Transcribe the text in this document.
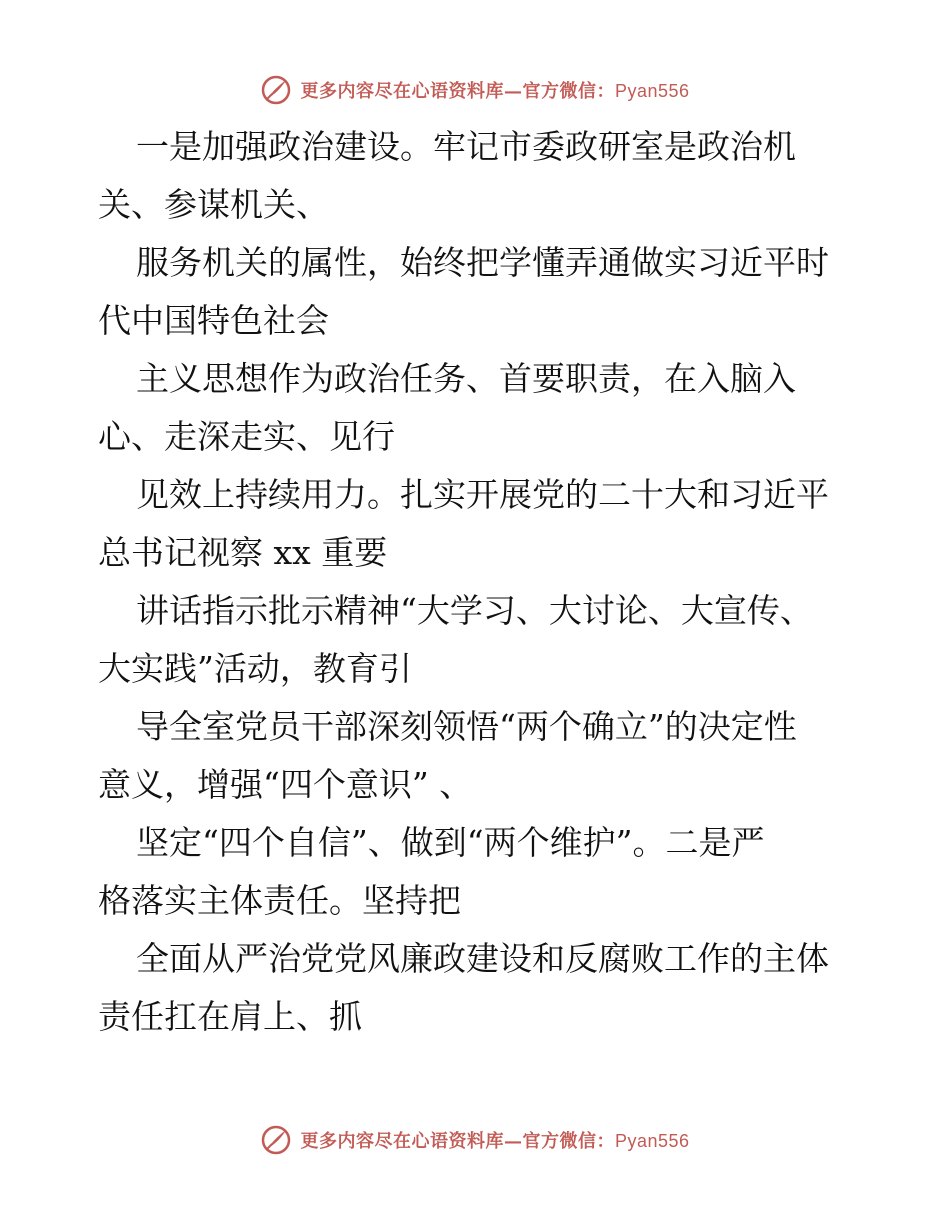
更多内容尽在心语资料库—官方微信：Pyan556
一是加强政治建设。牢记市委政研室是政治机
关、参谋机关、
服务机关的属性，始终把学懂弄通做实习近平时
代中国特色社会
主义思想作为政治任务、首要职责，在入脑入
心、走深走实、见行
见效上持续用力。扎实开展党的二十大和习近平
总书记视察 xx 重要
讲话指示批示精神“大学习、大讨论、大宣传、
大实践”活动，教育引
导全室党员干部深刻领悟“两个确立”的决定性
意义，增强“四个意识” 、
坚定“四个自信”、做到“两个维护”。二是严
格落实主体责任。坚持把
全面从严治党党风廉政建设和反腐败工作的主体
责任扛在肩上、抓
更多内容尽在心语资料库—官方微信：Pyan556
